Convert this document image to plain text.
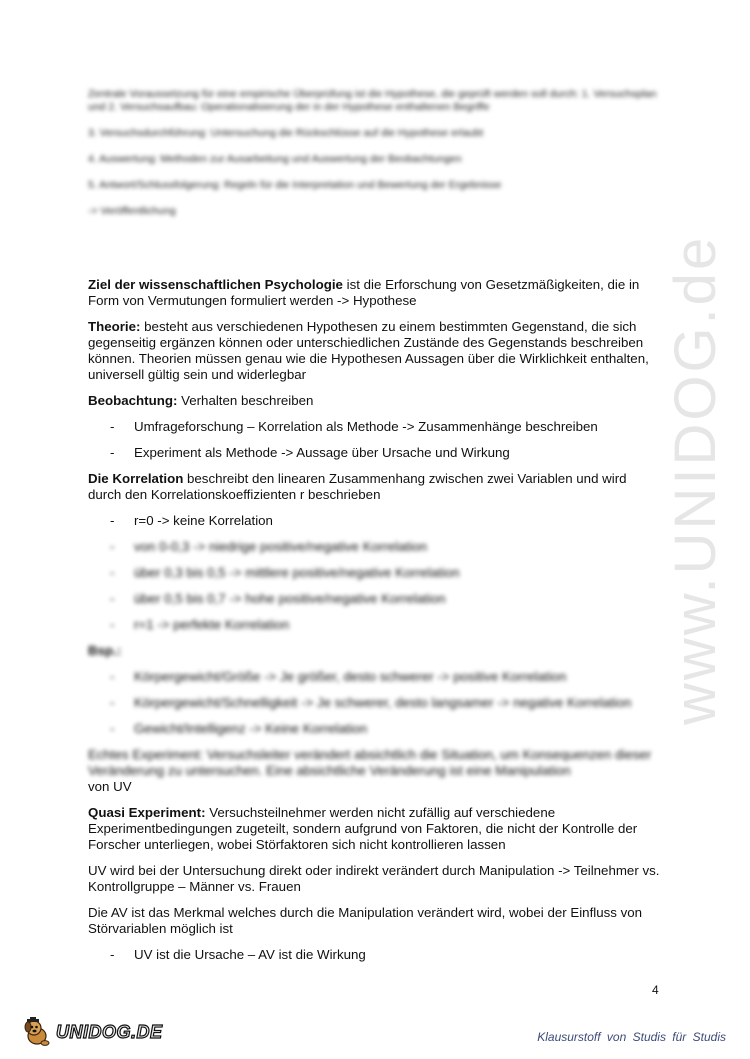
Zentrale Voraussetzung für eine empirische Überprüfung ist die Hypothese, die geprüft werden soll durch: 1. Versuchsplan und 2. Versuchsaufbau: Operationalisierung der in der Hypothese enthaltenen Begriffe

3. Versuchsdurchführung: Untersuchung die Rückschlüsse auf die Hypothese erlaubt

4. Auswertung: Methoden zur Ausarbeitung und Auswertung der Beobachtungen

5. Antwort/Schlussfolgerung: Regeln für die Interpretation und Bewertung der Ergebnisse

-> Veröffentlichung

www.UNIDOG.de

Ziel der wissenschaftlichen Psychologie ist die Erforschung von Gesetzmäßigkeiten, die in Form von Vermutungen formuliert werden -> Hypothese

Theorie: besteht aus verschiedenen Hypothesen zu einem bestimmten Gegenstand, die sich gegenseitig ergänzen können oder unterschiedlichen Zustände des Gegenstands beschreiben können. Theorien müssen genau wie die Hypothesen Aussagen über die Wirklichkeit enthalten, universell gültig sein und widerlegbar

Beobachtung: Verhalten beschreiben

- Umfrageforschung – Korrelation als Methode -> Zusammenhänge beschreiben
- Experiment als Methode -> Aussage über Ursache und Wirkung

Die Korrelation beschreibt den linearen Zusammenhang zwischen zwei Variablen und wird durch den Korrelationskoeffizienten r beschrieben

- r=0 -> keine Korrelation
- von 0-0,3 -> niedrige positive/negative Korrelation
- über 0,3 bis 0,5 -> mittlere positive/negative Korrelation
- über 0,5 bis 0,7 -> hohe positive/negative Korrelation
- r=1 -> perfekte Korrelation

Bsp.:

- Körpergewicht/Größe -> Je größer, desto schwerer -> positive Korrelation
- Körpergewicht/Schnelligkeit -> Je schwerer, desto langsamer -> negative Korrelation
- Gewicht/Intelligenz -> Keine Korrelation

Echtes Experiment: Versuchsleiter verändert absichtlich die Situation, um Konsequenzen dieser Veränderung zu untersuchen. Eine absichtliche Veränderung ist eine Manipulation
von UV

Quasi Experiment: Versuchsteilnehmer werden nicht zufällig auf verschiedene Experimentbedingungen zugeteilt, sondern aufgrund von Faktoren, die nicht der Kontrolle der Forscher unterliegen, wobei Störfaktoren sich nicht kontrollieren lassen

UV wird bei der Untersuchung direkt oder indirekt verändert durch Manipulation -> Teilnehmer vs. Kontrollgruppe – Männer vs. Frauen

Die AV ist das Merkmal welches durch die Manipulation verändert wird, wobei der Einfluss von Störvariablen möglich ist

- UV ist die Ursache – AV ist die Wirkung
4
UNIDOG.DE	Klausurstoff von Studis für Studis
